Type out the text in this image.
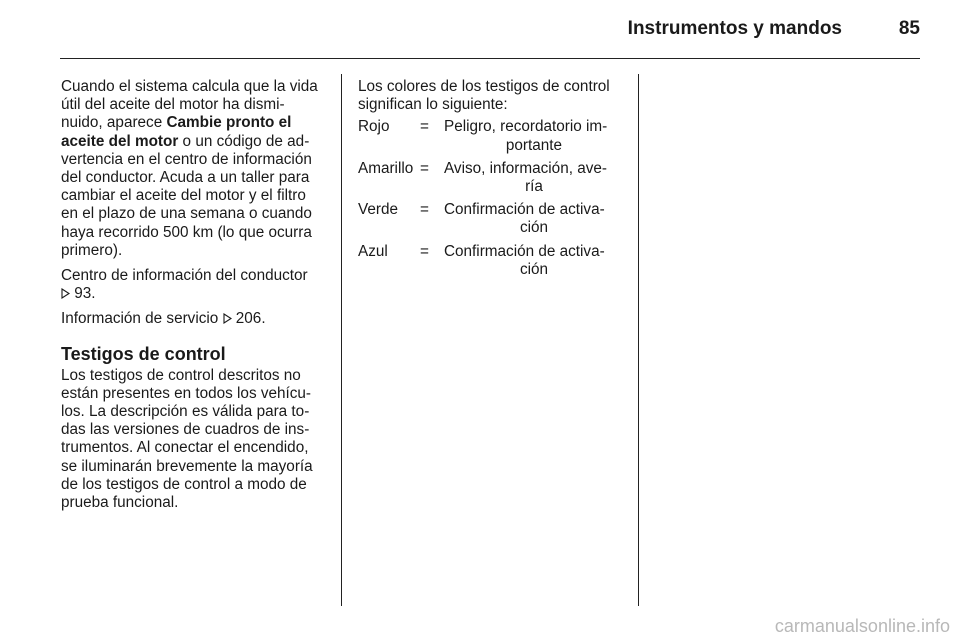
Instrumentos y mandos	85

Cuando el sistema calcula que la vida
útil del aceite del motor ha dismi-
nuido, aparece Cambie pronto el
aceite del motor o un código de ad-
vertencia en el centro de información
del conductor. Acuda a un taller para
cambiar el aceite del motor y el filtro
en el plazo de una semana o cuando
haya recorrido 500 km (lo que ocurra
primero).

Centro de información del conductor

93.

Información de servicio
206.

Testigos de control

Los testigos de control descritos no
están presentes en todos los vehícu-
los. La descripción es válida para to-
das las versiones de cuadros de ins-
trumentos. Al conectar el encendido,
se iluminarán brevemente la mayoría
de los testigos de control a modo de
prueba funcional.

Los colores de los testigos de control
significan lo siguiente:

Rojo	=	Peligro, recordatorio im-
portante

Amarillo	=	Aviso, información, ave-
ría

Verde	=	Confirmación de activa-
ción

Azul	=	Confirmación de activa-
ción
carmanualsonline.info
